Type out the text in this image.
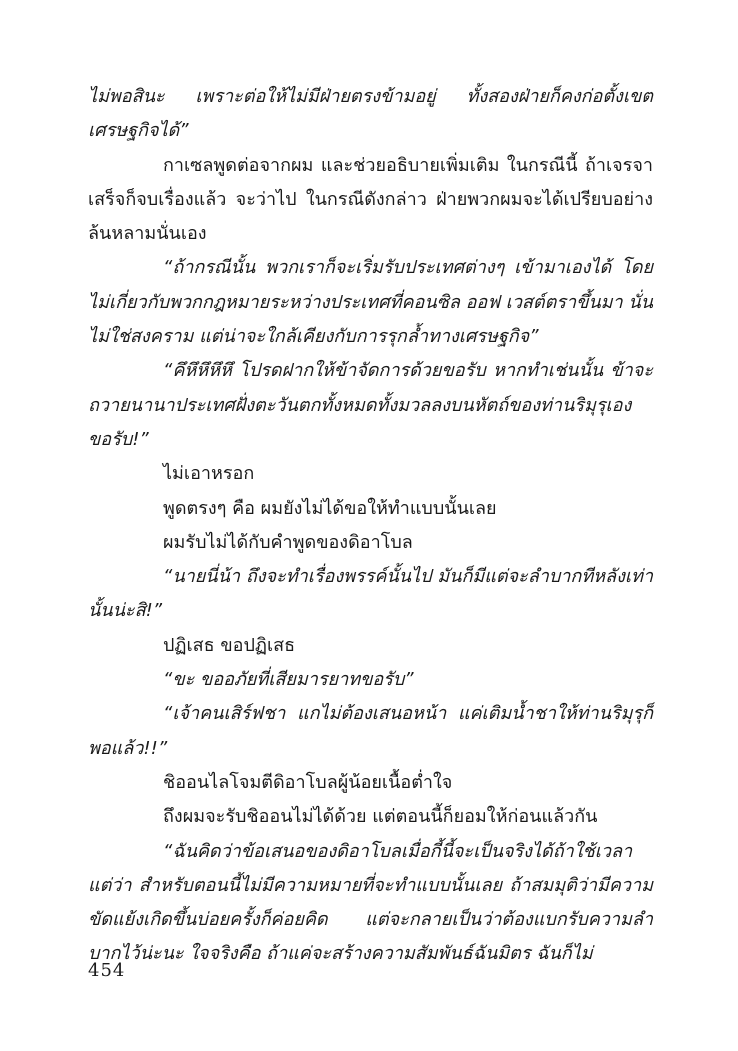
ไม่พอสินะ เพราะต่อให้ไม่มีฝ่ายตรงข้ามอยู่ ทั้งสองฝ่ายก็คงก่อตั้งเขตเศรษฐกิจได้”

กาเซลพูดต่อจากผม และช่วยอธิบายเพิ่มเติม ในกรณีนี้ ถ้าเจรจาเสร็จก็จบเรื่องแล้ว จะว่าไป ในกรณีดังกล่าว ฝ่ายพวกผมจะได้เปรียบอย่างล้นหลามนั่นเอง

“ถ้ากรณีนั้น พวกเราก็จะเริ่มรับประเทศต่างๆ เข้ามาเองได้ โดยไม่เกี่ยวกับพวกกฎหมายระหว่างประเทศที่คอนซิล ออฟ เวสต์ตราขึ้นมา นั่นไม่ใช่สงคราม แต่น่าจะใกล้เคียงกับการรุกล้ำทางเศรษฐกิจ”

“คึหึหึหึหึ โปรดฝากให้ข้าจัดการด้วยขอรับ หากทำเช่นนั้น ข้าจะถวายนานาประเทศฝั่งตะวันตกทั้งหมดทั้งมวลลงบนหัตถ์ของท่านริมุรุเองขอรับ!”

ไม่เอาหรอก

พูดตรงๆ คือ ผมยังไม่ได้ขอให้ทำแบบนั้นเลย

ผมรับไม่ได้กับคำพูดของดิอาโบล

“นายนี่น้า ถึงจะทำเรื่องพรรค์นั้นไป มันก็มีแต่จะลำบากทีหลังเท่านั้นน่ะสิ!”

ปฏิเสธ ขอปฏิเสธ

“ขะ ขออภัยที่เสียมารยาทขอรับ”

“เจ้าคนเสิร์ฟชา แกไม่ต้องเสนอหน้า แค่เติมน้ำชาให้ท่านริมุรุก็พอแล้ว!!”

ชิออนไลโจมตีดิอาโบลผู้น้อยเนื้อต่ำใจ

ถึงผมจะรับชิออนไม่ได้ด้วย แต่ตอนนี้ก็ยอมให้ก่อนแล้วกัน

“ฉันคิดว่าข้อเสนอของดิอาโบลเมื่อกี้นี้จะเป็นจริงได้ถ้าใช้เวลา แต่ว่า สำหรับตอนนี้ไม่มีความหมายที่จะทำแบบนั้นเลย ถ้าสมมุติว่ามีความขัดแย้งเกิดขึ้นบ่อยครั้งก็ค่อยคิด แต่จะกลายเป็นว่าต้องแบกรับความลำบากไว้น่ะนะ ใจจริงคือ ถ้าแค่จะสร้างความสัมพันธ์ฉันมิตร ฉันก็ไม่

454
